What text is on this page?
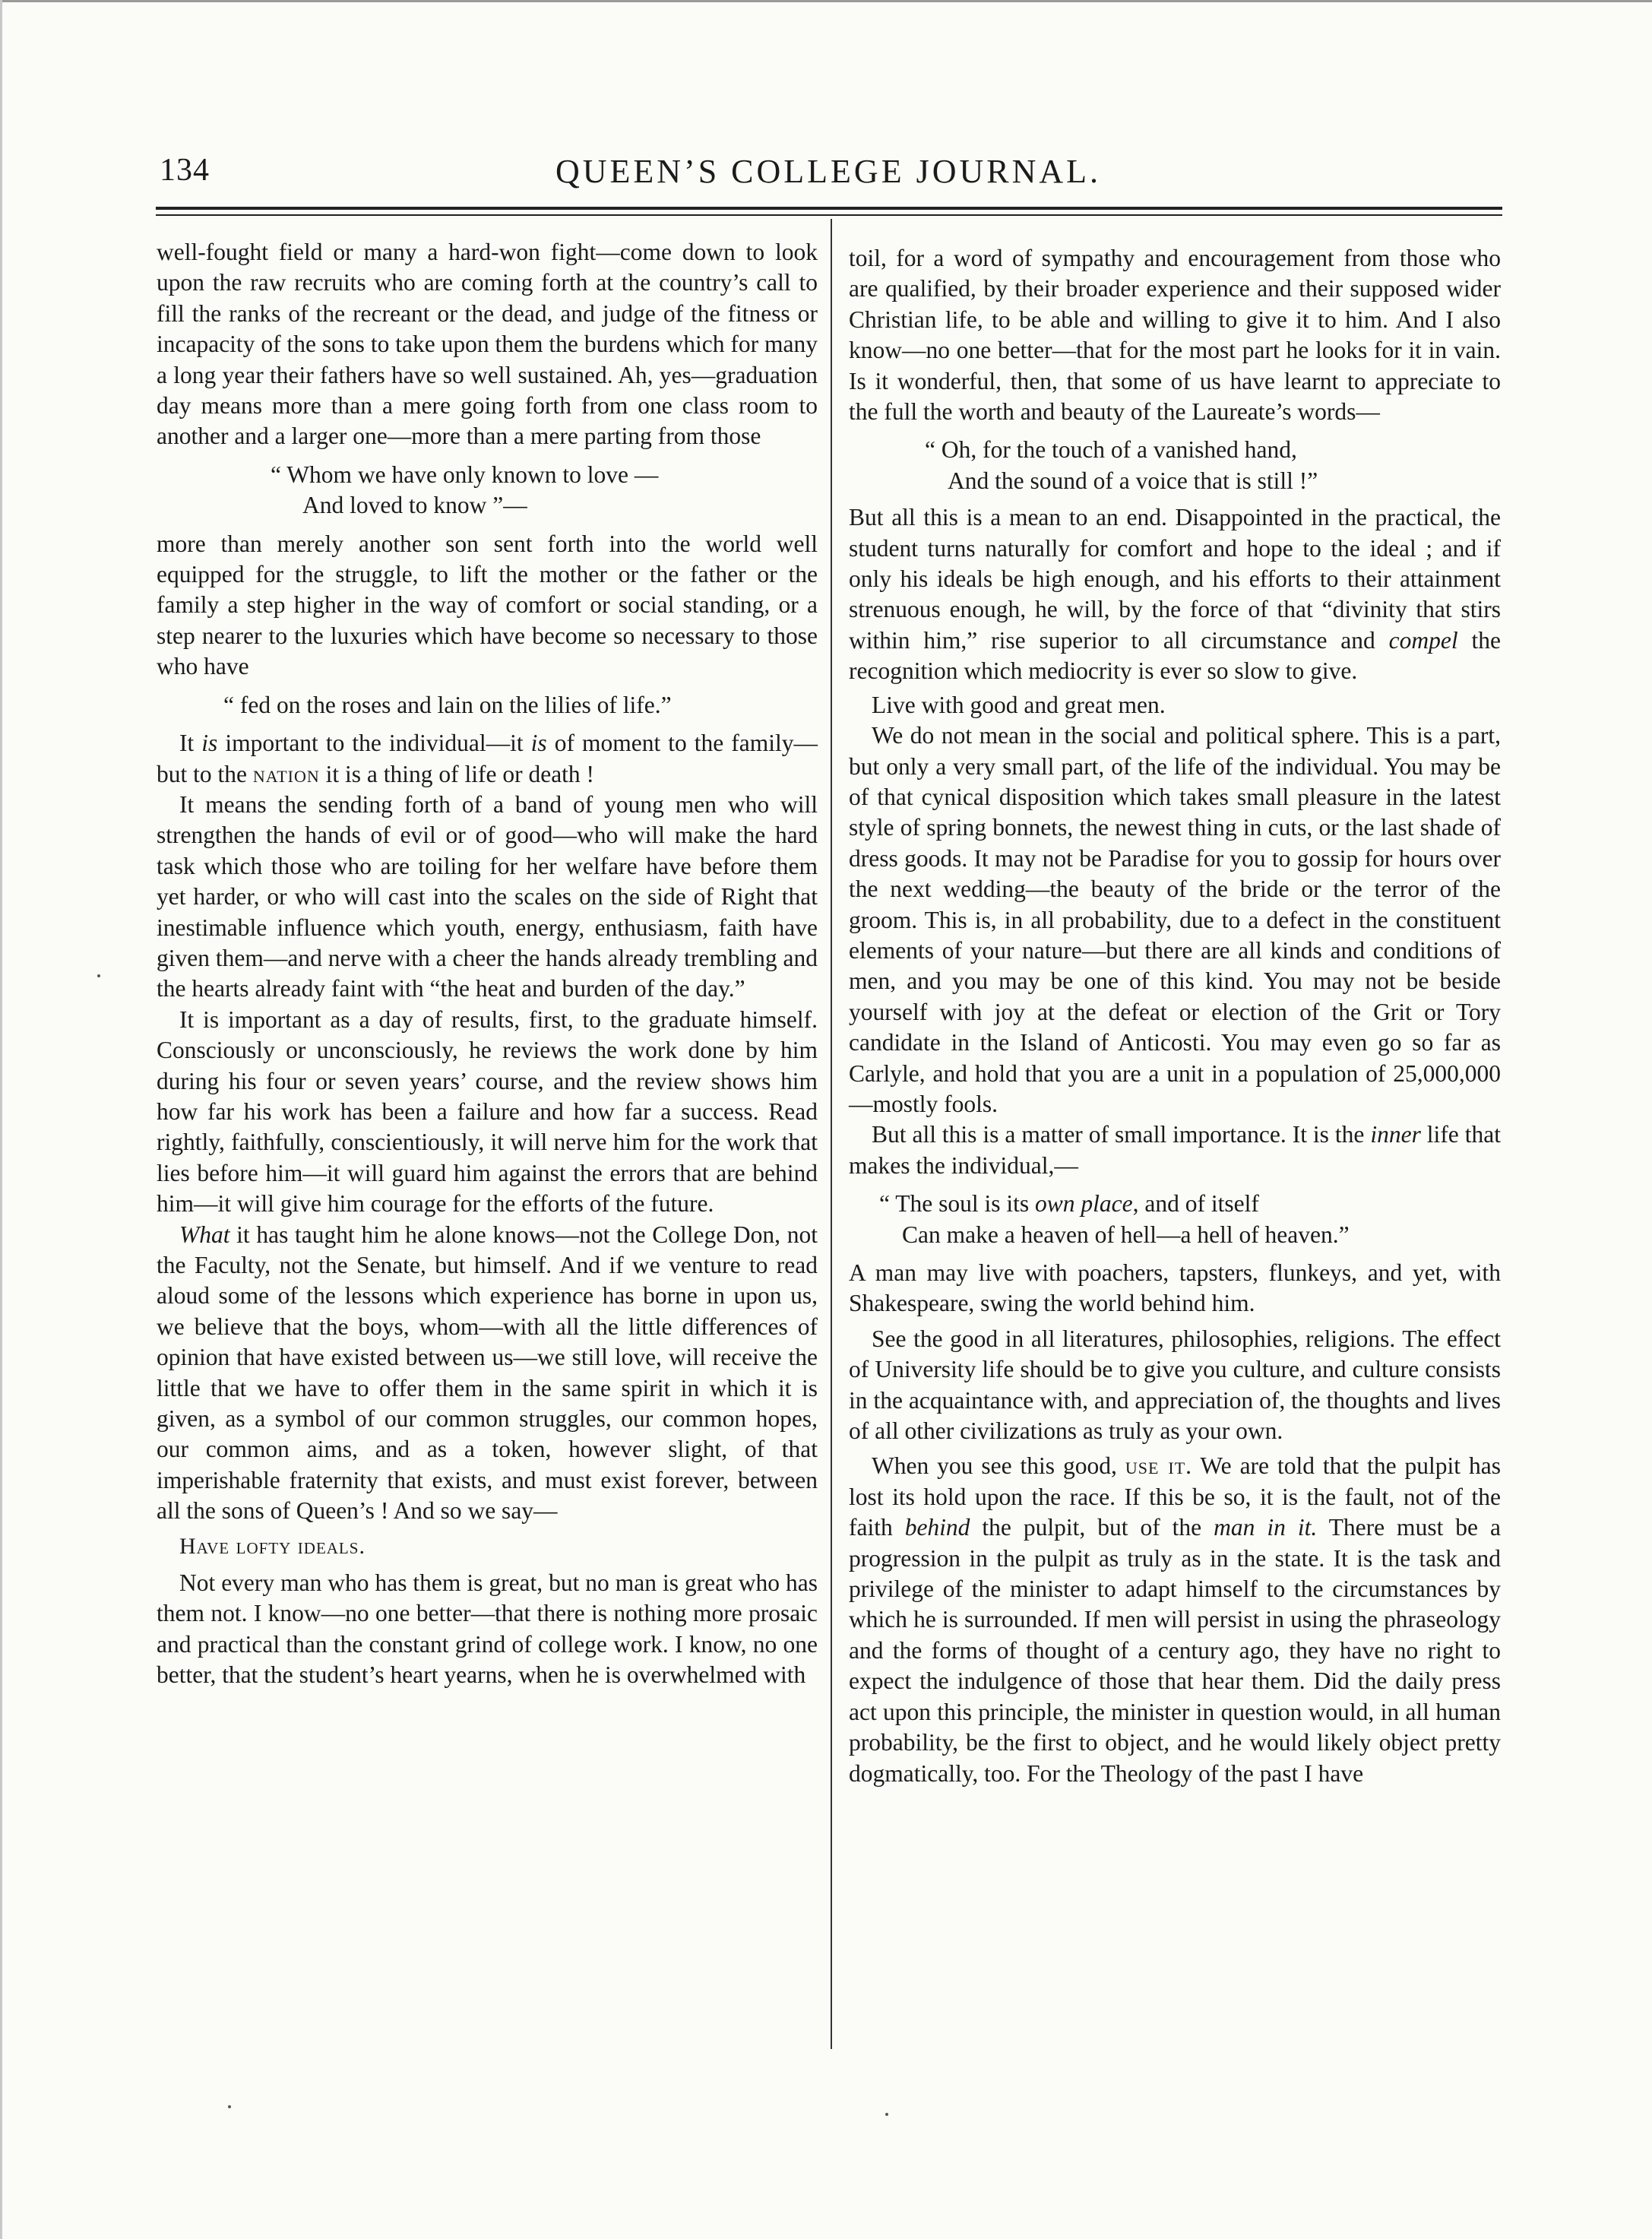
134	QUEEN’S COLLEGE JOURNAL.

well-fought field or many a hard-won fight—come down to look upon the raw recruits who are coming forth at the country’s call to fill the ranks of the recreant or the dead, and judge of the fitness or incapacity of the sons to take upon them the burdens which for many a long year their fathers have so well sustained. Ah, yes—graduation day means more than a mere going forth from one class room to another and a larger one—more than a mere parting from those

“ Whom we have only known to love —
And loved to know ”—

more than merely another son sent forth into the world well equipped for the struggle, to lift the mother or the father or the family a step higher in the way of comfort or social standing, or a step nearer to the luxuries which have become so necessary to those who have

“ fed on the roses and lain on the lilies of life.”

It is important to the individual—it is of moment to the family—but to the nation it is a thing of life or death !

It means the sending forth of a band of young men who will strengthen the hands of evil or of good—who will make the hard task which those who are toiling for her welfare have before them yet harder, or who will cast into the scales on the side of Right that inestimable influence which youth, energy, enthusiasm, faith have given them—and nerve with a cheer the hands already trembling and the hearts already faint with “the heat and burden of the day.”

It is important as a day of results, first, to the graduate himself. Consciously or unconsciously, he reviews the work done by him during his four or seven years’ course, and the review shows him how far his work has been a failure and how far a success. Read rightly, faithfully, conscientiously, it will nerve him for the work that lies before him—it will guard him against the errors that are behind him—it will give him courage for the efforts of the future.

What it has taught him he alone knows—not the College Don, not the Faculty, not the Senate, but himself. And if we venture to read aloud some of the lessons which experience has borne in upon us, we believe that the boys, whom—with all the little differences of opinion that have existed between us—we still love, will receive the little that we have to offer them in the same spirit in which it is given, as a symbol of our common struggles, our common hopes, our common aims, and as a token, however slight, of that imperishable fraternity that exists, and must exist forever, between all the sons of Queen’s ! And so we say—

Have lofty ideals.

Not every man who has them is great, but no man is great who has them not. I know—no one better—that there is nothing more prosaic and practical than the constant grind of college work. I know, no one better, that the student’s heart yearns, when he is overwhelmed with

toil, for a word of sympathy and encouragement from those who are qualified, by their broader experience and their supposed wider Christian life, to be able and willing to give it to him. And I also know—no one better—that for the most part he looks for it in vain. Is it wonderful, then, that some of us have learnt to appreciate to the full the worth and beauty of the Laureate’s words—

“ Oh, for the touch of a vanished hand,
And the sound of a voice that is still !”

But all this is a mean to an end. Disappointed in the practical, the student turns naturally for comfort and hope to the ideal ; and if only his ideals be high enough, and his efforts to their attainment strenuous enough, he will, by the force of that “divinity that stirs within him,” rise superior to all circumstance and compel the recognition which mediocrity is ever so slow to give.

Live with good and great men.

We do not mean in the social and political sphere. This is a part, but only a very small part, of the life of the individual. You may be of that cynical disposition which takes small pleasure in the latest style of spring bonnets, the newest thing in cuts, or the last shade of dress goods. It may not be Paradise for you to gossip for hours over the next wedding—the beauty of the bride or the terror of the groom. This is, in all probability, due to a defect in the constituent elements of your nature—but there are all kinds and conditions of men, and you may be one of this kind. You may not be beside yourself with joy at the defeat or election of the Grit or Tory candidate in the Island of Anticosti. You may even go so far as Carlyle, and hold that you are a unit in a population of 25,000,000—mostly fools.

But all this is a matter of small importance. It is the inner life that makes the individual,—

“ The soul is its own place, and of itself
Can make a heaven of hell—a hell of heaven.”

A man may live with poachers, tapsters, flunkeys, and yet, with Shakespeare, swing the world behind him.

See the good in all literatures, philosophies, religions. The effect of University life should be to give you culture, and culture consists in the acquaintance with, and appreciation of, the thoughts and lives of all other civilizations as truly as your own.

When you see this good, use it. We are told that the pulpit has lost its hold upon the race. If this be so, it is the fault, not of the faith behind the pulpit, but of the man in it. There must be a progression in the pulpit as truly as in the state. It is the task and privilege of the minister to adapt himself to the circumstances by which he is surrounded. If men will persist in using the phraseology and the forms of thought of a century ago, they have no right to expect the indulgence of those that hear them. Did the daily press act upon this principle, the minister in question would, in all human probability, be the first to object, and he would likely object pretty dogmatically, too. For the Theology of the past I have
